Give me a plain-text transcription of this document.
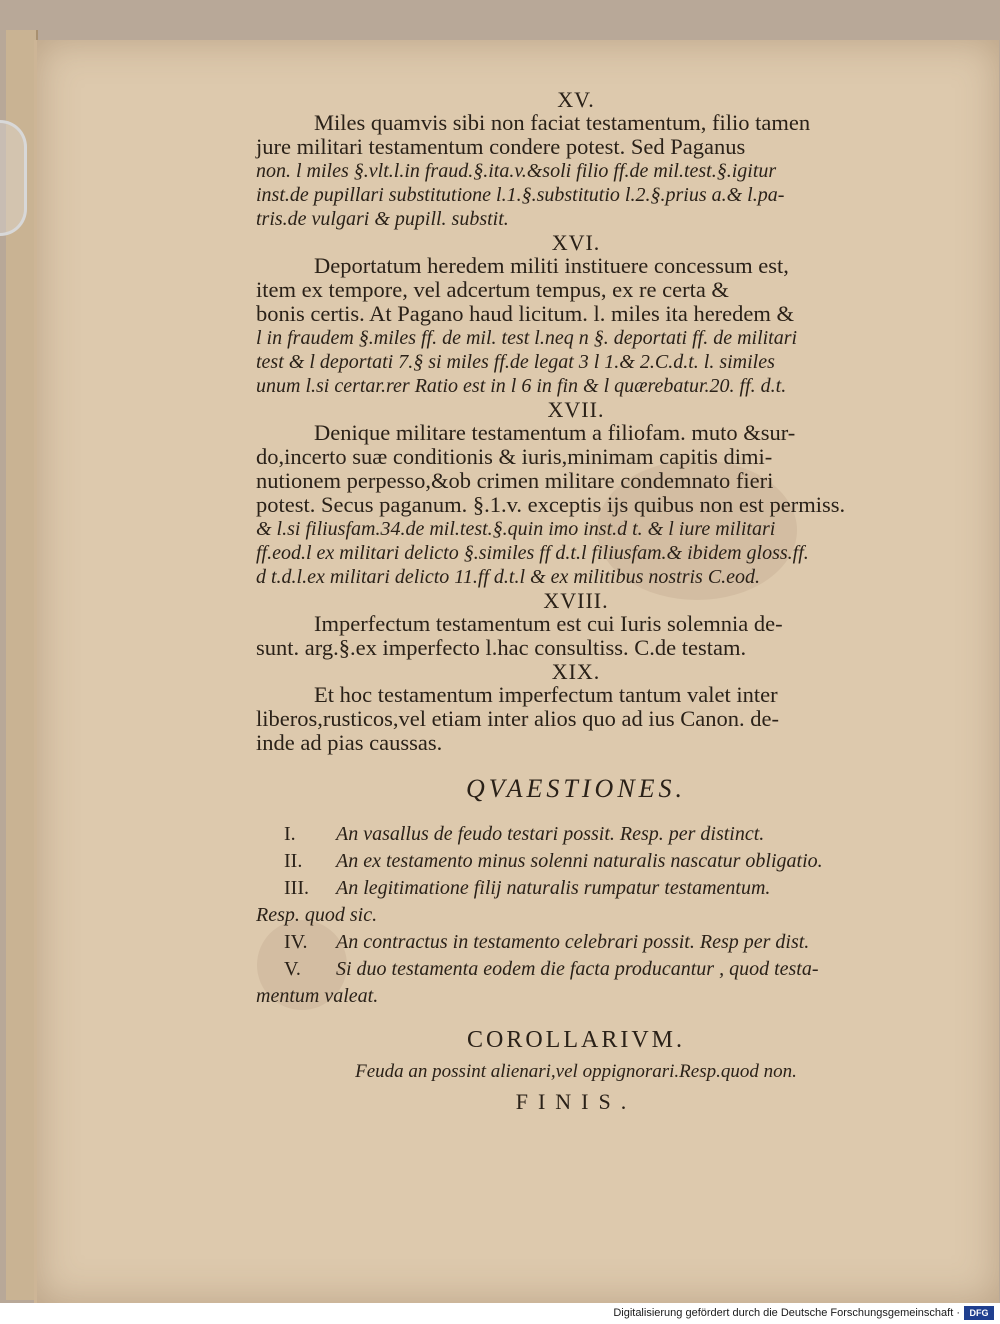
XV.

Miles quamvis sibi non faciat testamentum, filio tamen
jure militari testamentum condere potest. Sed Paganus
non. l miles §.vlt.l.in fraud.§.ita.v.&soli filio ff.de mil.test.§.igitur
inst.de pupillari substitutione l.1.§.substitutio l.2.§.prius a.& l.pa-
tris.de vulgari & pupill. substit.

XVI.

Deportatum heredem militi instituere concessum est,
item ex tempore, vel adcertum tempus, ex re certa &
bonis certis. At Pagano haud licitum. l. miles ita heredem &
l in fraudem §.miles ff. de mil. test l.neq n §. deportati ff. de militari
test & l deportati 7.§ si miles ff.de legat 3 l 1.& 2.C.d.t. l. similes
unum l.si certar.rer Ratio est in l 6 in fin & l quærebatur.20. ff. d.t.

XVII.

Denique militare testamentum a filiofam. muto &sur-
do,incerto suæ conditionis & iuris,minimam capitis dimi-
nutionem perpesso,&ob crimen militare condemnato fieri
potest. Secus paganum. §.1.v. exceptis ijs quibus non est permiss.
& l.si filiusfam.34.de mil.test.§.quin imo inst.d t. & l iure militari
ff.eod.l ex militari delicto §.similes ff d.t.l filiusfam.& ibidem gloss.ff.
d t.d.l.ex militari delicto 11.ff d.t.l & ex militibus nostris C.eod.

XVIII.

Imperfectum testamentum est cui Iuris solemnia de-
sunt. arg.§.ex imperfecto l.hac consultiss. C.de testam.

XIX.

Et hoc testamentum imperfectum tantum valet inter
liberos,rusticos,vel etiam inter alios quo ad ius Canon. de-
inde ad pias caussas.

QVAESTIONES.

I. An vasallus de feudo testari possit. Resp. per distinct.

II. An ex testamento minus solenni naturalis nascatur obligatio.

III. An legitimatione filij naturalis rumpatur testamentum.
Resp. quod sic.

IV. An contractus in testamento celebrari possit. Resp per dist.

V. Si duo testamenta eodem die facta producantur , quod testa-
mentum valeat.

COROLLARIVM.

Feuda an possint alienari,vel oppignorari.Resp.quod non.

FINIS.

Digitalisierung gefördert durch die Deutsche Forschungsgemeinschaft ·	DFG
